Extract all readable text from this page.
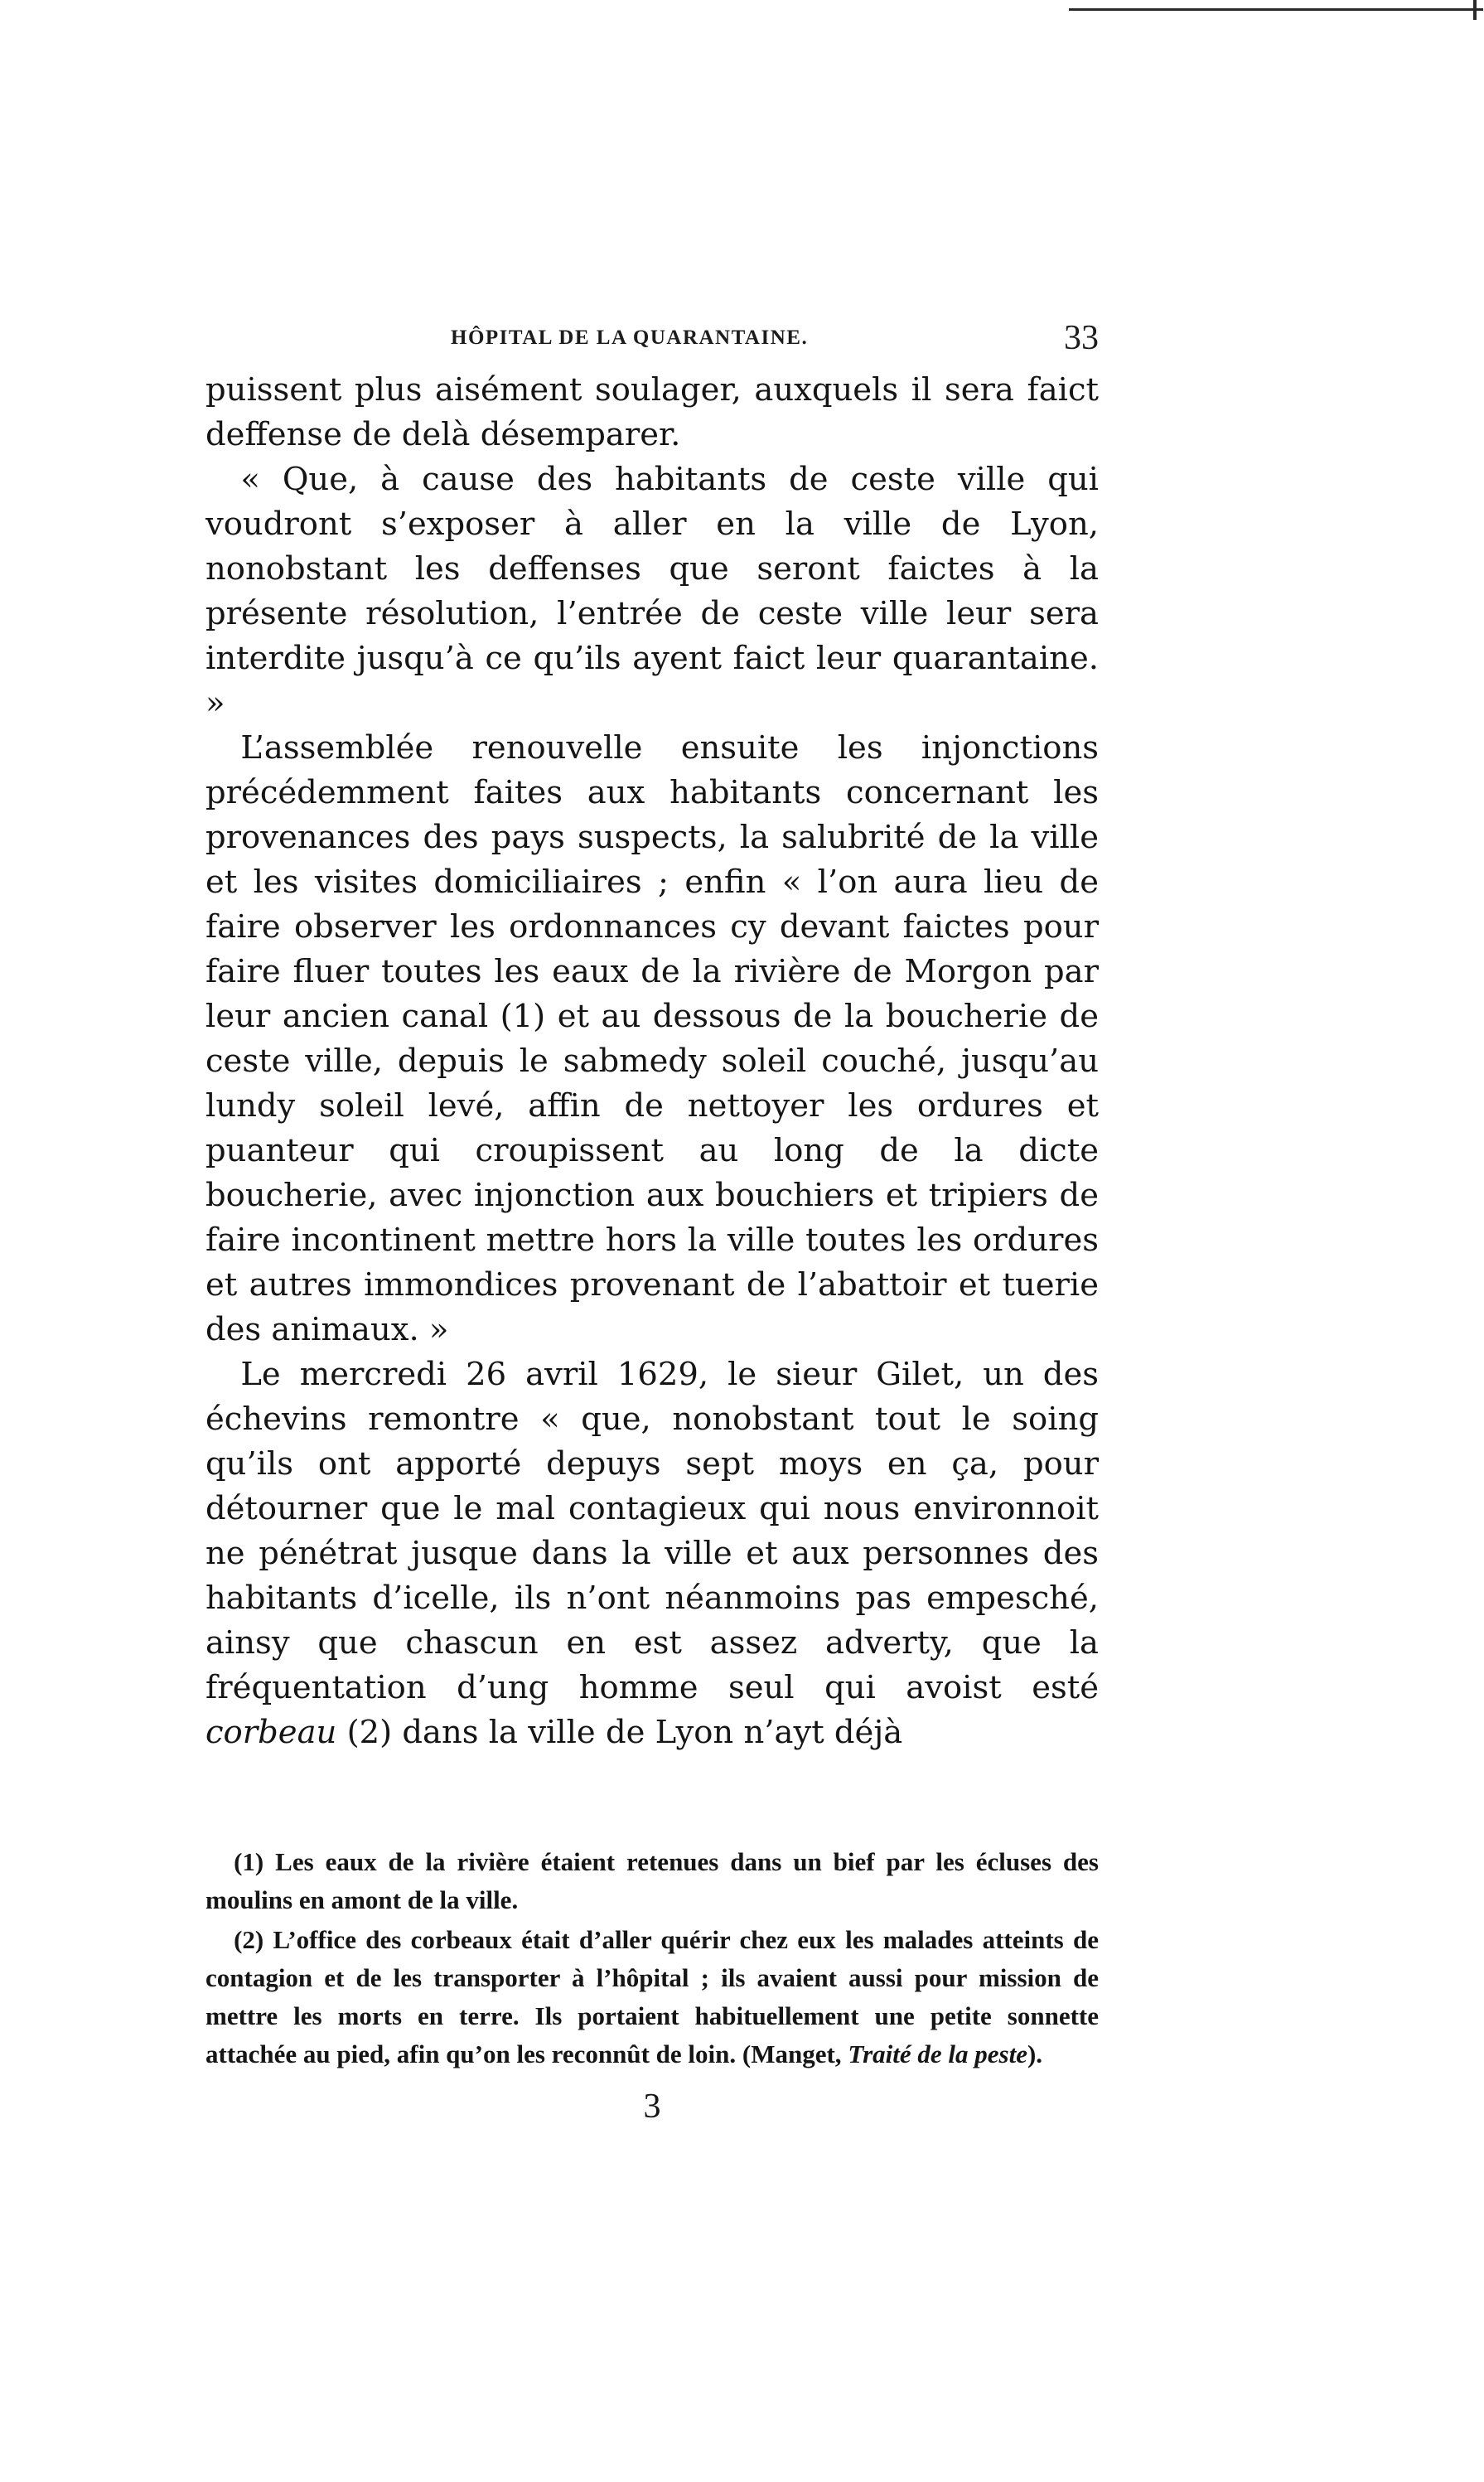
HÔPITAL DE LA QUARANTAINE.	33

puissent plus aisément soulager, auxquels il sera faict deffense de delà désemparer.

« Que, à cause des habitants de ceste ville qui voudront s’exposer à aller en la ville de Lyon, nonobstant les deffenses que seront faictes à la présente résolution, l’entrée de ceste ville leur sera interdite jusqu’à ce qu’ils ayent faict leur quarantaine. »

L’assemblée renouvelle ensuite les injonctions précédemment faites aux habitants concernant les provenances des pays suspects, la salubrité de la ville et les visites domiciliaires ; enfin « l’on aura lieu de faire observer les ordonnances cy devant faictes pour faire fluer toutes les eaux de la rivière de Morgon par leur ancien canal (1) et au dessous de la boucherie de ceste ville, depuis le sabmedy soleil couché, jusqu’au lundy soleil levé, affin de nettoyer les ordures et puanteur qui croupissent au long de la dicte boucherie, avec injonction aux bouchiers et tripiers de faire incontinent mettre hors la ville toutes les ordures et autres immondices provenant de l’abattoir et tuerie des animaux. »

Le mercredi 26 avril 1629, le sieur Gilet, un des échevins remontre « que, nonobstant tout le soing qu’ils ont apporté depuys sept moys en ça, pour détourner que le mal contagieux qui nous environnoit ne pénétrat jusque dans la ville et aux personnes des habitants d’icelle, ils n’ont néanmoins pas empesché, ainsy que chascun en est assez adverty, que la fréquentation d’ung homme seul qui avoist esté corbeau (2) dans la ville de Lyon n’ayt déjà

(1) Les eaux de la rivière étaient retenues dans un bief par les écluses des moulins en amont de la ville.

(2) L’office des corbeaux était d’aller quérir chez eux les malades atteints de contagion et de les transporter à l’hôpital ; ils avaient aussi pour mission de mettre les morts en terre. Ils portaient habituellement une petite sonnette attachée au pied, afin qu’on les reconnût de loin. (Manget, Traité de la peste).

3
